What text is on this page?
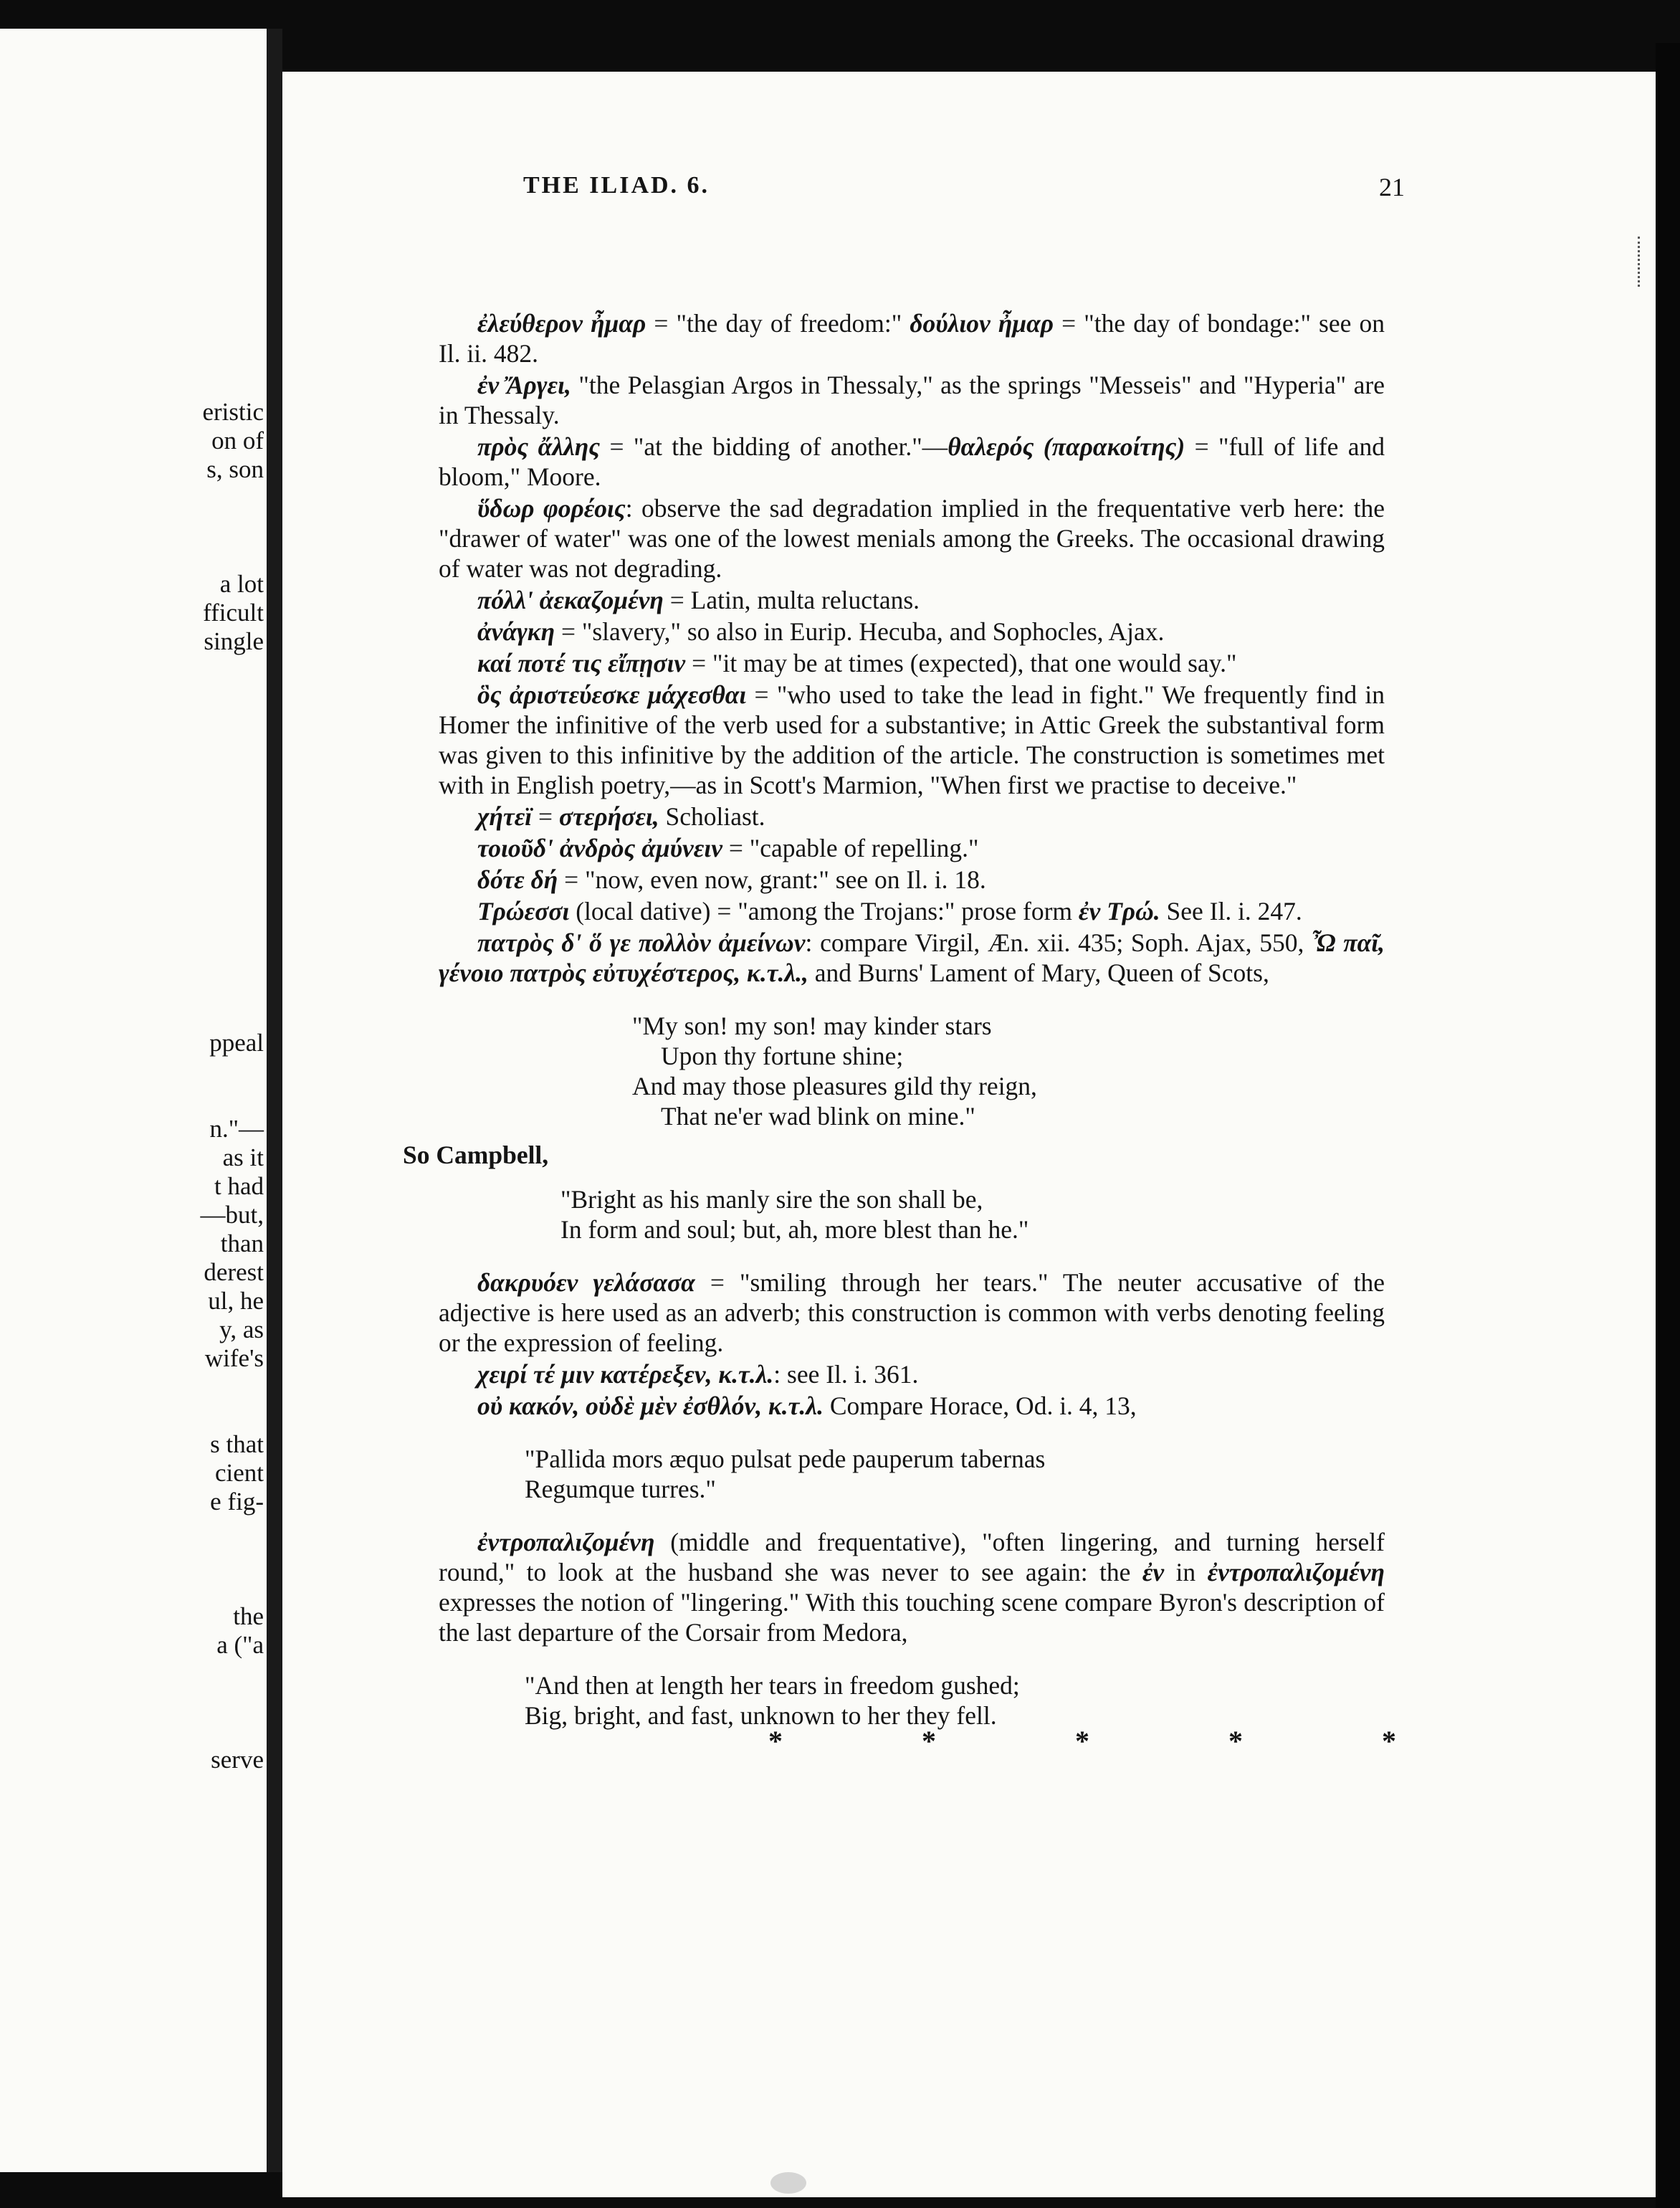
eristic
on of
s, son
a lot
fficult
single
ppeal
n."—
as it
t had
—but,
than
derest
ul, he
y, as
wife's
s that
cient
e fig-
the
a ("a
serve
THE ILIAD. 6.	21

ἐλεύθερον ἦμαρ = "the day of freedom:" δούλιον ἦμαρ = "the day of bondage:" see on Il. ii. 482.

ἐν Ἄργει, "the Pelasgian Argos in Thessaly," as the springs "Messeis" and "Hyperia" are in Thessaly.

πρὸς ἄλλης = "at the bidding of another."—θαλερός (παρακοίτης) = "full of life and bloom," Moore.

ὕδωρ φορέοις: observe the sad degradation implied in the frequentative verb here: the "drawer of water" was one of the lowest menials among the Greeks. The occasional drawing of water was not degrading.

πόλλ' ἀεκαζομένη = Latin, multa reluctans.

ἀνάγκη = "slavery," so also in Eurip. Hecuba, and Sophocles, Ajax.

καί ποτέ τις εἴπῃσιν = "it may be at times (expected), that one would say."

ὃς ἀριστεύεσκε μάχεσθαι = "who used to take the lead in fight." We frequently find in Homer the infinitive of the verb used for a substantive; in Attic Greek the substantival form was given to this infinitive by the addition of the article. The construction is sometimes met with in English poetry,—as in Scott's Marmion, "When first we practise to deceive."

χήτεϊ = στερήσει, Scholiast.

τοιοῦδ' ἀνδρὸς ἀμύνειν = "capable of repelling."

δότε δή = "now, even now, grant:" see on Il. i. 18.

Τρώεσσι (local dative) = "among the Trojans:" prose form ἐν Τρώ. See Il. i. 247.

πατρὸς δ' ὅ γε πολλὸν ἀμείνων: compare Virgil, Æn. xii. 435; Soph. Ajax, 550, Ὦ παῖ, γένοιο πατρὸς εὐτυχέστερος, κ.τ.λ., and Burns' Lament of Mary, Queen of Scots,

"My son! my son! may kinder stars
Upon thy fortune shine;
And may those pleasures gild thy reign,
That ne'er wad blink on mine."
So Campbell,
"Bright as his manly sire the son shall be,
In form and soul; but, ah, more blest than he."

δακρυόεν γελάσασα = "smiling through her tears." The neuter accusative of the adjective is here used as an adverb; this construction is common with verbs denoting feeling or the expression of feeling.

χειρί τέ μιν κατέρεξεν, κ.τ.λ.: see Il. i. 361.

οὐ κακόν, οὐδὲ μὲν ἐσθλόν, κ.τ.λ. Compare Horace, Od. i. 4, 13,

"Pallida mors æquo pulsat pede pauperum tabernas
Regumque turres."

ἐντροπαλιζομένη (middle and frequentative), "often lingering, and turning herself round," to look at the husband she was never to see again: the ἐν in ἐντροπαλιζομένη expresses the notion of "lingering." With this touching scene compare Byron's description of the last departure of the Corsair from Medora,

"And then at length her tears in freedom gushed;
Big, bright, and fast, unknown to her they fell.
* * * * *
